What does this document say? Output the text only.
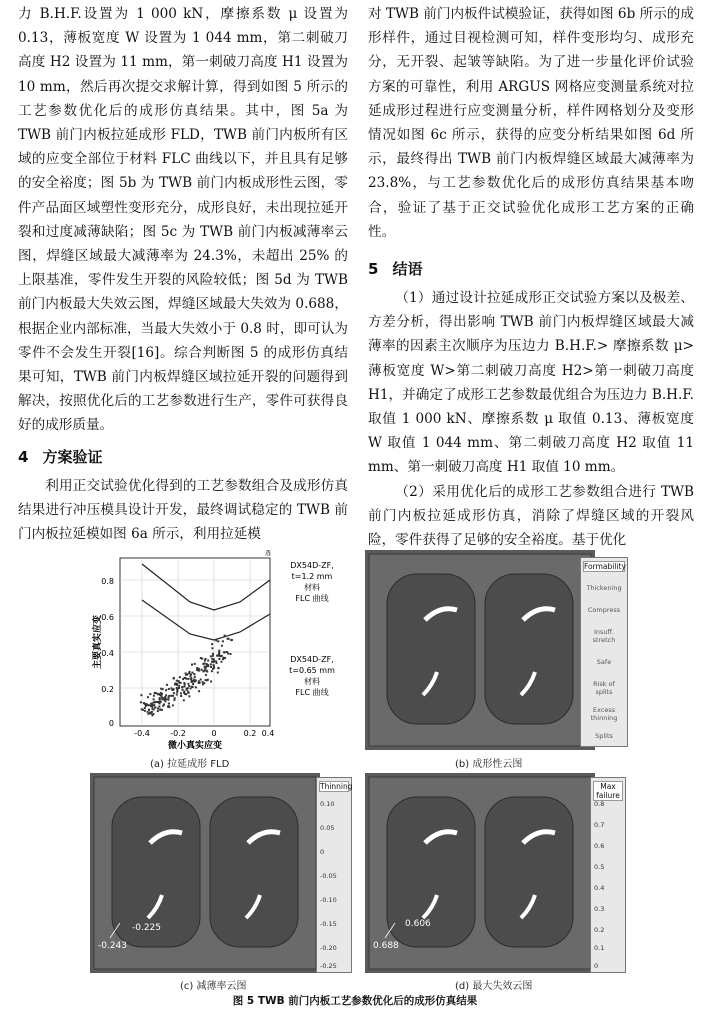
力 B.H.F.设置为 1 000 kN，摩擦系数 μ 设置为 0.13，薄板宽度 W 设置为 1 044 mm，第二刺破刀高度 H2 设置为 11 mm，第一刺破刀高度 H1 设置为 10 mm，然后再次提交求解计算，得到如图 5 所示的工艺参数优化后的成形仿真结果。其中，图 5a 为 TWB 前门内板拉延成形 FLD，TWB 前门内板所有区域的应变全部位于材料 FLC 曲线以下，并且具有足够的安全裕度；图 5b 为 TWB 前门内板成形性云图，零件产品面区域塑性变形充分，成形良好，未出现拉延开裂和过度减薄缺陷；图 5c 为 TWB 前门内板减薄率云图，焊缝区域最大减薄率为 24.3%，未超出 25% 的上限基准，零件发生开裂的风险较低；图 5d 为 TWB 前门内板最大失效云图，焊缝区域最大失效为 0.688，根据企业内部标准，当最大失效小于 0.8 时，即可认为零件不会发生开裂[16]。综合判断图 5 的成形仿真结果可知，TWB 前门内板焊缝区域拉延开裂的问题得到解决，按照优化后的工艺参数进行生产，零件可获得良好的成形质量。

4 方案验证

利用正交试验优化得到的工艺参数组合及成形仿真结果进行冲压模具设计开发，最终调试稳定的 TWB 前门内板拉延模如图 6a 所示，利用拉延模

对 TWB 前门内板件试模验证，获得如图 6b 所示的成形样件，通过目视检测可知，样件变形均匀、成形充分，无开裂、起皱等缺陷。为了进一步量化评价试验方案的可靠性，利用 ARGUS 网格应变测量系统对拉延成形过程进行应变测量分析，样件网格划分及变形情况如图 6c 所示，获得的应变分析结果如图 6d 所示，最终得出 TWB 前门内板焊缝区域最大减薄率为 23.8%，与工艺参数优化后的成形仿真结果基本吻合，验证了基于正交试验优化成形工艺方案的正确性。

5 结语

（1）通过设计拉延成形正交试验方案以及极差、方差分析，得出影响 TWB 前门内板焊缝区域最大减薄率的因素主次顺序为压边力 B.H.F.> 摩擦系数 μ>薄板宽度 W>第二刺破刀高度 H2>第一刺破刀高度 H1，并确定了成形工艺参数最优组合为压边力 B.H.F.取值 1 000 kN、摩擦系数 μ 取值 0.13、薄板宽度 W 取值 1 044 mm、第二刺破刀高度 H2 取值 11 mm、第一刺破刀高度 H1 取值 10 mm。

（2）采用优化后的成形工艺参数组合进行 TWB 前门内板拉延成形仿真，消除了焊缝区域的开裂风险，零件获得了足够的安全裕度。基于优化

0.8
0.6
0.4
0.2
0
-0.4	-0.2	0	0.2 0.4
微小真实应变
主要真实应变
透
DX54D-ZF,
t=1.2 mm
材料
FLC 曲线
DX54D-ZF,
t=0.65 mm
材料
FLC 曲线
(a) 拉延成形 FLD
Formability
Thickening
Compress
Insuff. stretch
Safe
Risk of splits
Excess thinning
Splits
(b) 成形性云图
-0.225
-0.243
Thinning
0.10
0.05
0
-0.05
-0.10
-0.15
-0.20
-0.25
(c) 减薄率云图
0.606
0.688
Max failure
0.8
0.7
0.6
0.5
0.4
0.3
0.2
0.1
0
(d) 最大失效云图
图 5 TWB 前门内板工艺参数优化后的成形仿真结果
